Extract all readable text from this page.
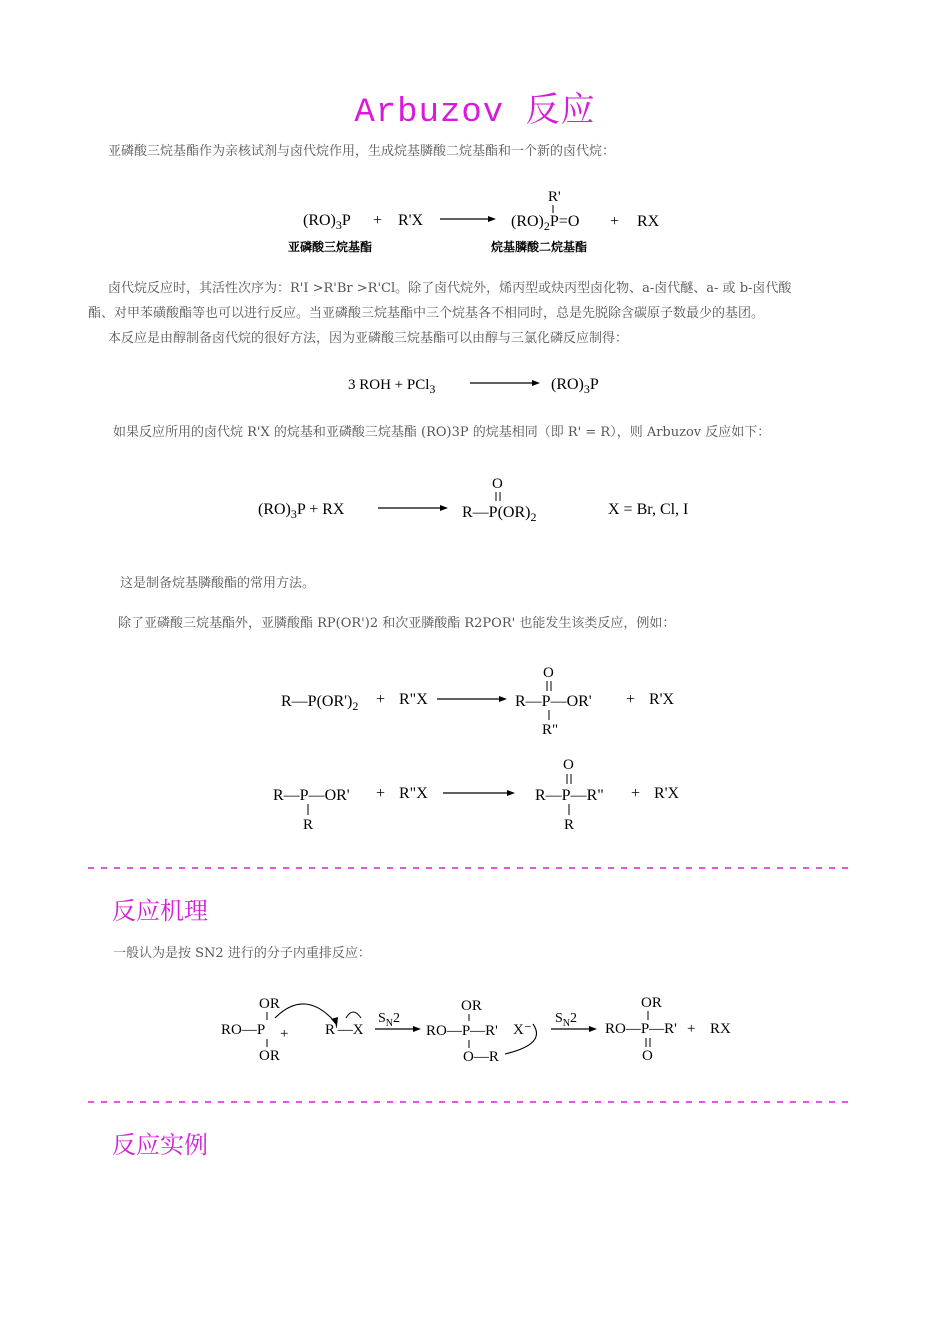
Arbuzov 反应
亚磷酸三烷基酯作为亲核试剂与卤代烷作用，生成烷基膦酸二烷基酯和一个新的卤代烷：
$(RO)_3P + R'X$
R'
$(RO)_2P=O$ + RX
亚磷酸三烷基酯	烷基膦酸二烷基酯
卤代烷反应时，其活性次序为：R'I >R'Br >R'Cl。除了卤代烷外，烯丙型或炔丙型卤化物、a-卤代醚、a- 或 b-卤代酸
酯、对甲苯磺酸酯等也可以进行反应。当亚磷酸三烷基酯中三个烷基各不相同时，总是先脱除含碳原子数最少的基团。
本反应是由醇制备卤代烷的很好方法，因为亚磷酸三烷基酯可以由醇与三氯化磷反应制得：
3 ROH + PCl$_3$	$(RO)_3P$
如果反应所用的卤代烷 R'X 的烷基和亚磷酸三烷基酯 (RO)3P 的烷基相同（即 R' = R），则 Arbuzov 反应如下：
$(RO)_3P$ + RX
O
$R—P(OR)_2$	X = Br, Cl, I
这是制备烷基膦酸酯的常用方法。
除了亚磷酸三烷基酯外，亚膦酸酯 RP(OR')2 和次亚膦酸酯 R2POR' 也能发生该类反应，例如：
$R—P(OR')_2$ + R"X
O
R—P—OR'
R"
+ R'X
R—P—OR'
R
+ R"X
O
R—P—R"
R
+ R'X
反应机理
一般认为是按 SN2 进行的分子内重排反应：
OR
RO—P
OR
+ R'—X
$S_N2$
OR
RO—P—R'
O—R
X⁻
$S_N2$
OR
RO—P—R'
O
+ RX
反应实例
